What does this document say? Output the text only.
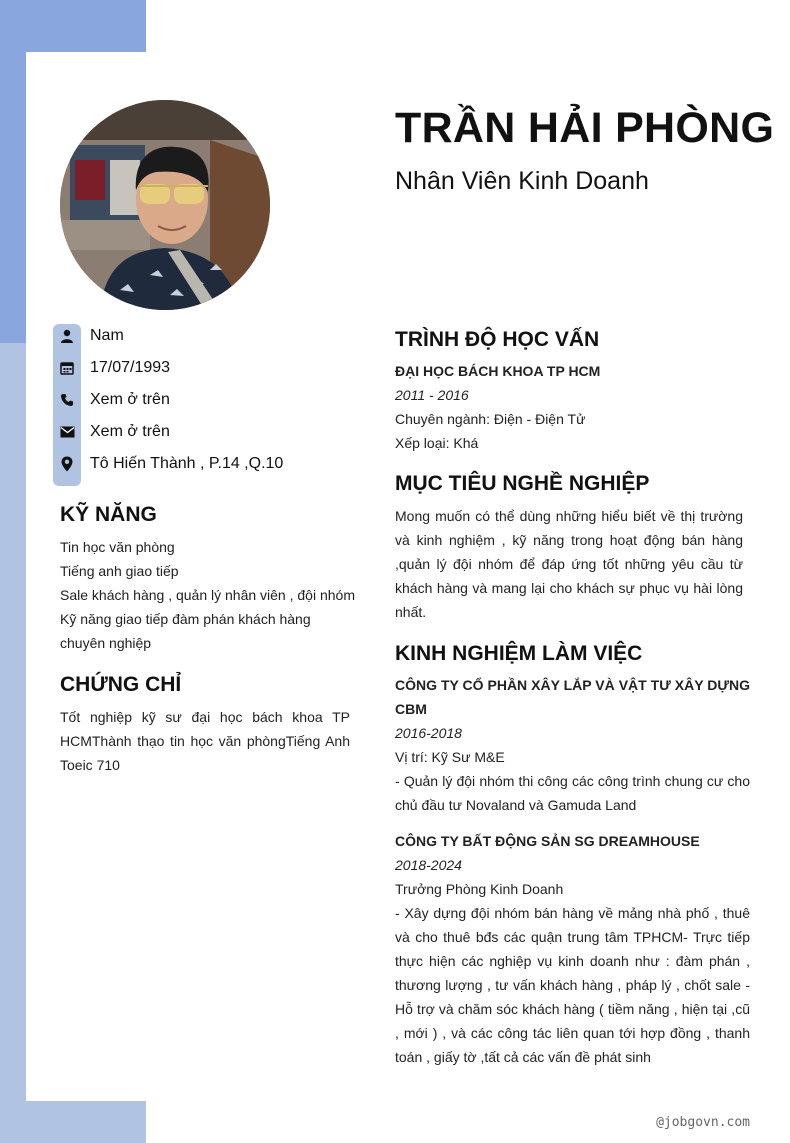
TRẦN HẢI PHÒNG
Nhân Viên Kinh Doanh
Nam
17/07/1993
Xem ở trên
Xem ở trên
Tô Hiến Thành , P.14 ,Q.10
KỸ NĂNG
Tin học văn phòng
Tiếng anh giao tiếp
Sale khách hàng , quản lý nhân viên , đội nhóm
Kỹ năng giao tiếp đàm phán khách hàng
chuyên nghiệp
CHỨNG CHỈ
Tốt nghiệp kỹ sư đại học bách khoa TP HCMThành thạo tin học văn phòngTiếng Anh Toeic 710
TRÌNH ĐỘ HỌC VẤN
ĐẠI HỌC BÁCH KHOA TP HCM
2011 - 2016
Chuyên ngành: Điện - Điện Tử
Xếp loại: Khá
MỤC TIÊU NGHỀ NGHIỆP
Mong muốn có thể dùng những hiểu biết về thị trường và kinh nghiệm , kỹ năng trong hoạt động bán hàng ,quản lý đội nhóm để đáp ứng tốt những yêu cầu từ khách hàng và mang lại cho khách sự phục vụ hài lòng nhất.
KINH NGHIỆM LÀM VIỆC
CÔNG TY CỔ PHẦN XÂY LẮP VÀ VẬT TƯ XÂY DỰNG CBM
2016-2018
Vị trí: Kỹ Sư M&E
- Quản lý đội nhóm thi công các công trình chung cư cho chủ đầu tư Novaland và Gamuda Land
CÔNG TY BẤT ĐỘNG SẢN SG DREAMHOUSE
2018-2024
Trưởng Phòng Kinh Doanh
- Xây dựng đội nhóm bán hàng về mảng nhà phố , thuê và cho thuê bđs các quận trung tâm TPHCM- Trực tiếp thực hiện các nghiệp vụ kinh doanh như : đàm phán , thương lượng , tư vấn khách hàng , pháp lý , chốt sale - Hỗ trợ và chăm sóc khách hàng ( tiềm năng , hiện tại ,cũ , mới ) , và các công tác liên quan tới hợp đồng , thanh toán , giấy tờ ,tất cả các vấn đề phát sinh
@jobgovn.com
